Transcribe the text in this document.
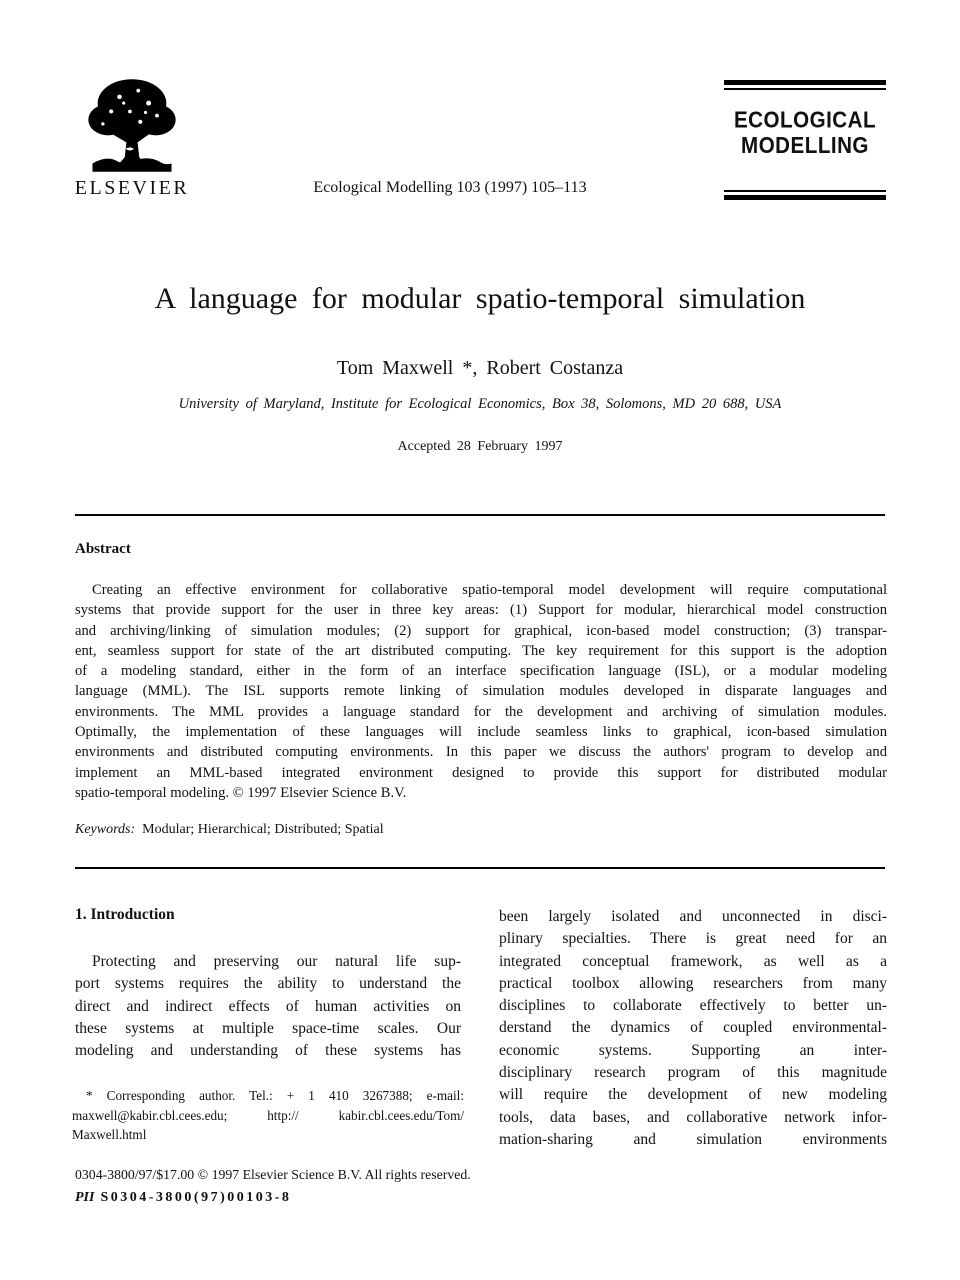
ELSEVIER	Ecological Modelling 103 (1997) 105–113
ECOLOGICAL
MODELLING
A language for modular spatio-temporal simulation
Tom Maxwell *, Robert Costanza
University of Maryland, Institute for Ecological Economics, Box 38, Solomons, MD 20 688, USA
Accepted 28 February 1997
Abstract
Creating an effective environment for collaborative spatio-temporal model development will require computational
systems that provide support for the user in three key areas: (1) Support for modular, hierarchical model construction
and archiving/linking of simulation modules; (2) support for graphical, icon-based model construction; (3) transpar-
ent, seamless support for state of the art distributed computing. The key requirement for this support is the adoption
of a modeling standard, either in the form of an interface specification language (ISL), or a modular modeling
language (MML). The ISL supports remote linking of simulation modules developed in disparate languages and
environments. The MML provides a language standard for the development and archiving of simulation modules.
Optimally, the implementation of these languages will include seamless links to graphical, icon-based simulation
environments and distributed computing environments. In this paper we discuss the authors' program to develop and
implement an MML-based integrated environment designed to provide this support for distributed modular
spatio-temporal modeling. © 1997 Elsevier Science B.V.
Keywords: Modular; Hierarchical; Distributed; Spatial
1. Introduction
Protecting and preserving our natural life sup-
port systems requires the ability to understand the
direct and indirect effects of human activities on
these systems at multiple space-time scales. Our
modeling and understanding of these systems has
been largely isolated and unconnected in disci-
plinary specialties. There is great need for an
integrated conceptual framework, as well as a
practical toolbox allowing researchers from many
disciplines to collaborate effectively to better un-
derstand the dynamics of coupled environmental-
economic systems. Supporting an inter-
disciplinary research program of this magnitude
will require the development of new modeling
tools, data bases, and collaborative network infor-
mation-sharing and simulation environments
* Corresponding author. Tel.: + 1 410 3267388; e-mail:
maxwell@kabir.cbl.cees.edu; http:// kabir.cbl.cees.edu/Tom/
Maxwell.html
0304-3800/97/$17.00 © 1997 Elsevier Science B.V. All rights reserved.
PII S0304-3800(97)00103-8
